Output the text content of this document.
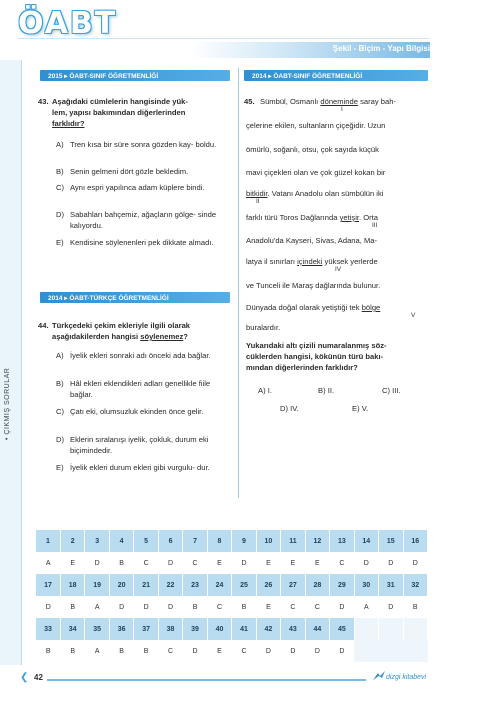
ÖABT
Şekil - Biçim - Yapı Bilgisi
• ÇIKMIŞ SORULAR
2015 ▸ ÖABT-SINIF ÖĞRETMENLİĞİ	2014 ▸ ÖABT-SINIF ÖĞRETMENLİĞİ
2014 ▸ ÖABT-TÜRKÇE ÖĞRETMENLİĞİ
43. Aşağıdaki cümlelerin hangisinde yük-
lem, yapısı bakımından diğerlerinden
farklıdır?
A) Tren kısa bir süre sonra gözden kay- boldu.
B) Senin gelmeni dört gözle bekledim.
C) Aynı espri yapılınca adam küplere bindi.
D) Sabahları bahçemiz, ağaçların gölge- sinde kalıyordu.
E) Kendisine söylenenleri pek dikkate almadı.
44. Türkçedeki çekim ekleriyle ilgili olarak
aşağıdakilerden hangisi söylenemez?
A) İyelik ekleri sonraki adı önceki ada bağlar.
B) Hâl ekleri eklendikleri adları genellikle fiile bağlar.
C) Çatı eki, olumsuzluk ekinden önce gelir.
D) Eklerin sıralanışı iyelik, çokluk, durum eki biçimindedir.
E) İyelik ekleri durum ekleri gibi vurgulu- dur.
45. Sümbül, Osmanlı döneminde saray bah-
I
çelerine ekilen, sultanların çiçeğidir. Uzun
ömürlü, soğanlı, otsu, çok sayıda küçük
mavi çiçekleri olan ve çok güzel kokan bir
bitkidir. Vatanı Anadolu olan sümbülün iki
II
farklı türü Toros Dağlarında yetişir. Orta
III
Anadolu'da Kayseri, Sivas, Adana, Ma-
latya il sınırları içindeki yüksek yerlerde
IV
ve Tunceli ile Maraş dağlarında bulunur.
Dünyada doğal olarak yetiştiği tek bölge
V
buralardır.
Yukarıdaki altı çizili numaralanmış söz-
cüklerden hangisi, kökünün türü bakı-
mından diğerlerinden farklıdır?
A) I.	B) II.	C) III.
D) IV.	E) V.
1	2	3	4	5	6	7	8	9	10	11	12	13	14	15	16
A	E	D	B	C	D	C	E	D	E	E	E	C	D	D	D
17	18	19	20	21	22	23	24	25	26	27	28	29	30	31	32
D	B	A	D	D	D	B	C	B	E	C	C	D	A	D	B
33	34	35	36	37	38	39	40	41	42	43	44	45			
B	B	A	B	B	C	D	E	C	D	D	D	D			
❮ 42	dizgi kitabevi
